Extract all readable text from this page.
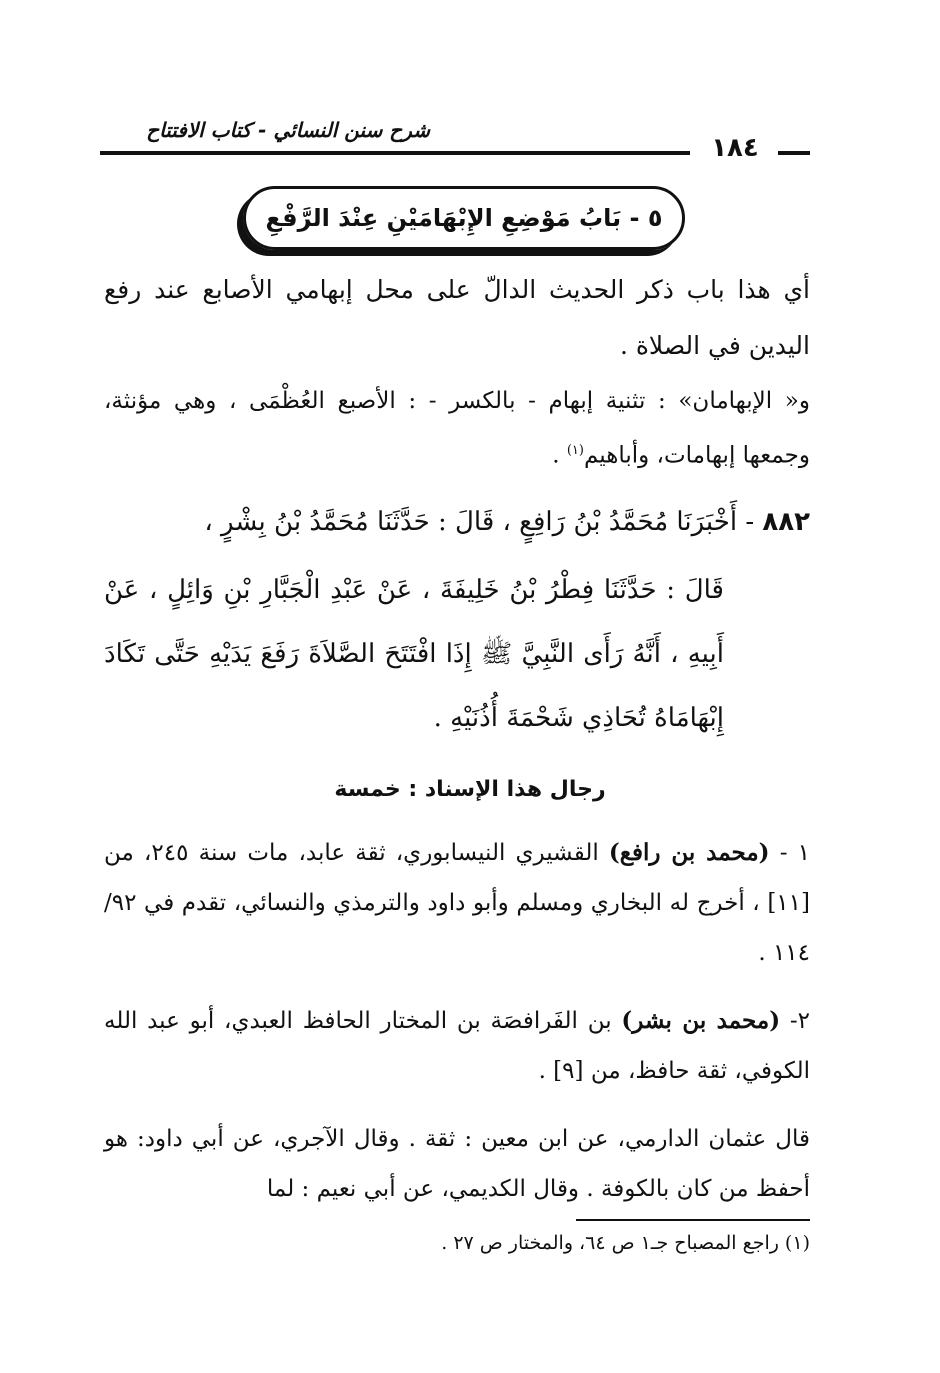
شرح سنن النسائي - كتاب الافتتاح
١٨٤
٥ - بَابُ مَوْضِعِ الإِبْهَامَيْنِ عِنْدَ الرَّفْعِ

أي هذا باب ذكر الحديث الدالّ على محل إبهامي الأصابع عند رفع اليدين في الصلاة .

و« الإبهامان» : تثنية إبهام - بالكسر - : الأصبع العُظْمَى ، وهي مؤنثة، وجمعها إبهامات، وأباهيم$^{(١)}$ .

٨٨٢ - أَخْبَرَنَا مُحَمَّدُ بْنُ رَافِعٍ ، قَالَ : حَدَّثَنَا مُحَمَّدُ بْنُ بِشْرٍ ،

قَالَ : حَدَّثَنَا فِطْرُ بْنُ خَلِيفَةَ ، عَنْ عَبْدِ الْجَبَّارِ بْنِ وَائِلٍ ، عَنْ أَبِيهِ ، أَنَّهُ رَأَى النَّبِيَّ ﷺ إِذَا افْتَتَحَ الصَّلاَةَ رَفَعَ يَدَيْهِ حَتَّى تَكَادَ إِبْهَامَاهُ تُحَاذِي شَحْمَةَ أُذُنَيْهِ .

رجال هذا الإسناد : خمسة

١ - (محمد بن رافع) القشيري النيسابوري، ثقة عابد، مات سنة ٢٤٥، من [١١] ، أخرج له البخاري ومسلم وأبو داود والترمذي والنسائي، تقدم في ٩٢/ ١١٤ .

٢- (محمد بن بشر) بن الفَرافصَة بن المختار الحافظ العبدي، أبو عبد الله الكوفي، ثقة حافظ، من [٩] .

قال عثمان الدارمي، عن ابن معين : ثقة . وقال الآجري، عن أبي داود: هو أحفظ من كان بالكوفة . وقال الكديمي، عن أبي نعيم : لما

(١) راجع المصباح جـ١ ص ٦٤، والمختار ص ٢٧ .
